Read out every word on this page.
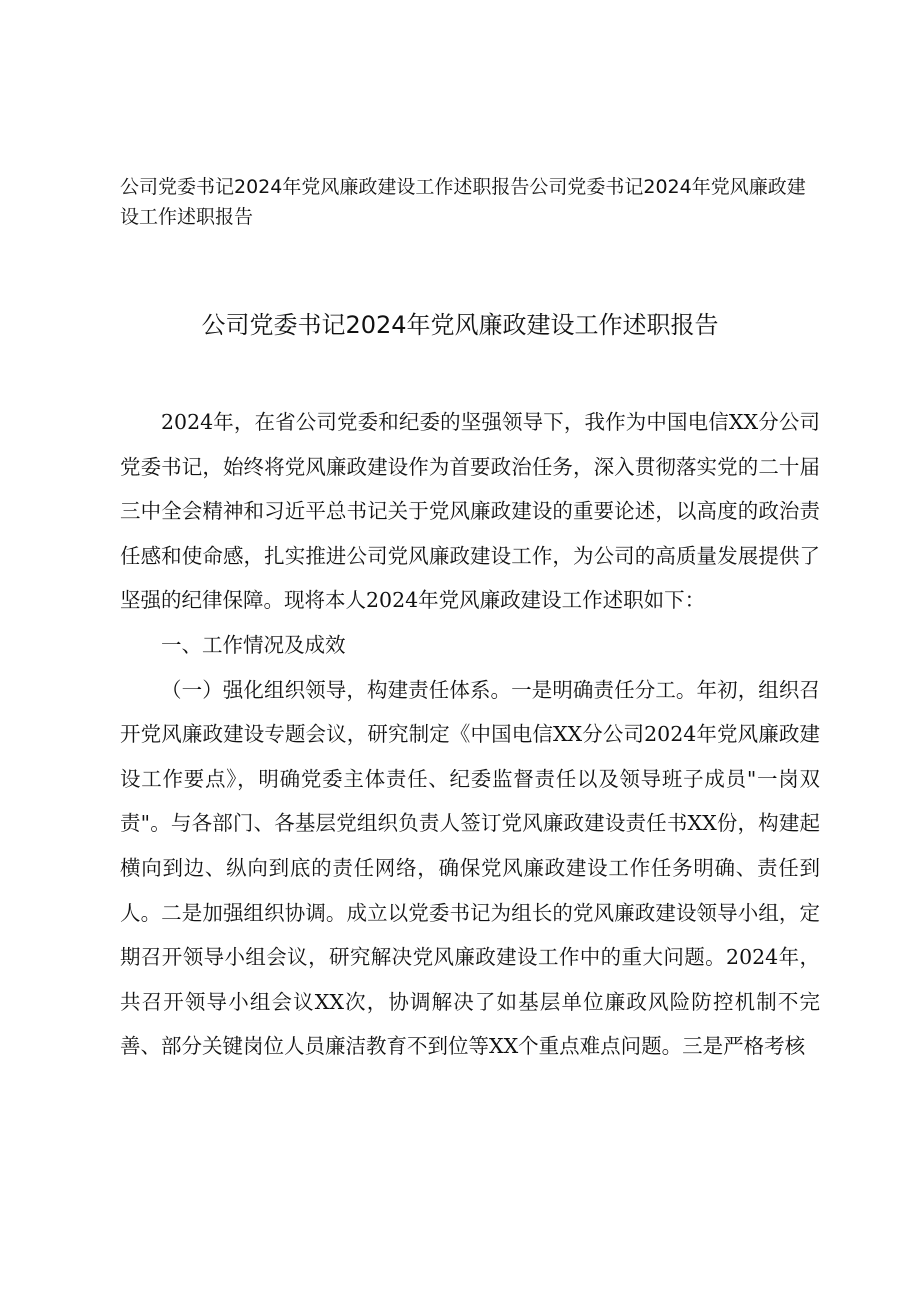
公司党委书记2024年党风廉政建设工作述职报告公司党委书记2024年党风廉政建设工作述职报告
公司党委书记2024年党风廉政建设工作述职报告

2024年，在省公司党委和纪委的坚强领导下，我作为中国电信XX分公司党委书记，始终将党风廉政建设作为首要政治任务，深入贯彻落实党的二十届三中全会精神和习近平总书记关于党风廉政建设的重要论述，以高度的政治责任感和使命感，扎实推进公司党风廉政建设工作，为公司的高质量发展提供了坚强的纪律保障。现将本人2024年党风廉政建设工作述职如下：

一、工作情况及成效

（一）强化组织领导，构建责任体系。一是明确责任分工。年初，组织召开党风廉政建设专题会议，研究制定《中国电信XX分公司2024年党风廉政建设工作要点》，明确党委主体责任、纪委监督责任以及领导班子成员"一岗双责"。与各部门、各基层党组织负责人签订党风廉政建设责任书XX份，构建起横向到边、纵向到底的责任网络，确保党风廉政建设工作任务明确、责任到人。二是加强组织协调。成立以党委书记为组长的党风廉政建设领导小组，定期召开领导小组会议，研究解决党风廉政建设工作中的重大问题。2024年，共召开领导小组会议XX次，协调解决了如基层单位廉政风险防控机制不完善、部分关键岗位人员廉洁教育不到位等XX个重点难点问题。三是严格考核
